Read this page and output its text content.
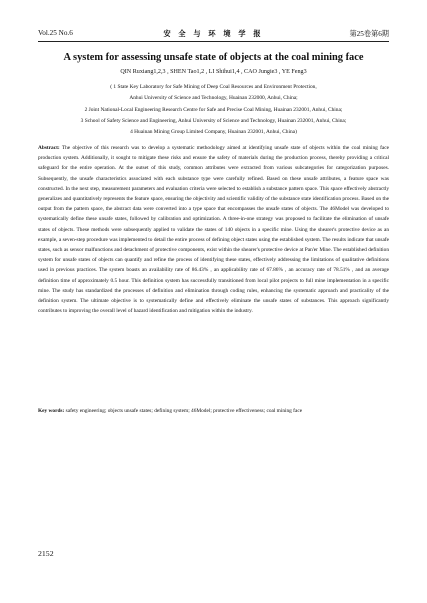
Vol.25 No.6	安 全 与 环 境 学 报	第25卷第6期
A system for assessing unsafe state of objects at the coal mining face
QIN Ruxiang1,2,3 , SHEN Tao1,2 , LI Shihui1,4 , CAO Jungie3 , YE Feng3
( 1 State Key Laboratory for Safe Mining of Deep Coal Resources and Environment Protection,
Anhui University of Science and Technology, Huainan 232000, Anhui, China;
2 Joint National-Local Engineering Research Centre for Safe and Precise Coal Mining, Huainan 232001, Anhui, China;
3 School of Safety Science and Engineering, Anhui University of Science and Technology, Huainan 232001, Anhui, China;
4 Huainan Mining Group Limited Company, Huainan 232001, Anhui, China)
Abstract: The objective of this research was to develop a systematic methodology aimed at identifying unsafe state of objects within the coal mining face production system. Additionally, it sought to mitigate these risks and ensure the safety of materials during the production process, thereby providing a critical safeguard for the entire operation. At the outset of this study, common attributes were extracted from various subcategories for categorization purposes. Subsequently, the unsafe characteristics associated with each substance type were carefully refined. Based on these unsafe attributes, a feature space was constructed. In the next step, measurement parameters and evaluation criteria were selected to establish a substance pattern space. This space effectively abstractly generalizes and quantitatively represents the feature space, ensuring the objectivity and scientific validity of the substance state identification process. Based on the output from the pattern space, the abstract data were converted into a type space that encompasses the unsafe states of objects. The 46Model was developed to systematically define these unsafe states, followed by calibration and optimization. A three-in-one strategy was proposed to facilitate the elimination of unsafe states of objects. These methods were subsequently applied to validate the states of 140 objects in a specific mine. Using the shearer's protective device as an example, a seven-step procedure was implemented to detail the entire process of defining object states using the established system. The results indicate that unsafe states, such as sensor malfunctions and detachment of protective components, exist within the shearer's protective device at Pan'er Mine. The established definition system for unsafe states of objects can quantify and refine the process of identifying these states, effectively addressing the limitations of qualitative definitions used in previous practices. The system boasts an availability rate of 86.43% , an applicability rate of 67.86% , an accuracy rate of 78.51% , and an average definition time of approximately 0.5 hour. This definition system has successfully transitioned from local pilot projects to full mine implementation in a specific mine. The study has standardized the processes of definition and elimination through coding rules, enhancing the systematic approach and practicality of the definition system. The ultimate objective is to systematically define and effectively eliminate the unsafe states of substances. This approach significantly contributes to improving the overall level of hazard identification and mitigation within the industry.
Key words: safety engineering; objects unsafe states; defining system; 46Model; protective effectiveness; coal mining face
2152
